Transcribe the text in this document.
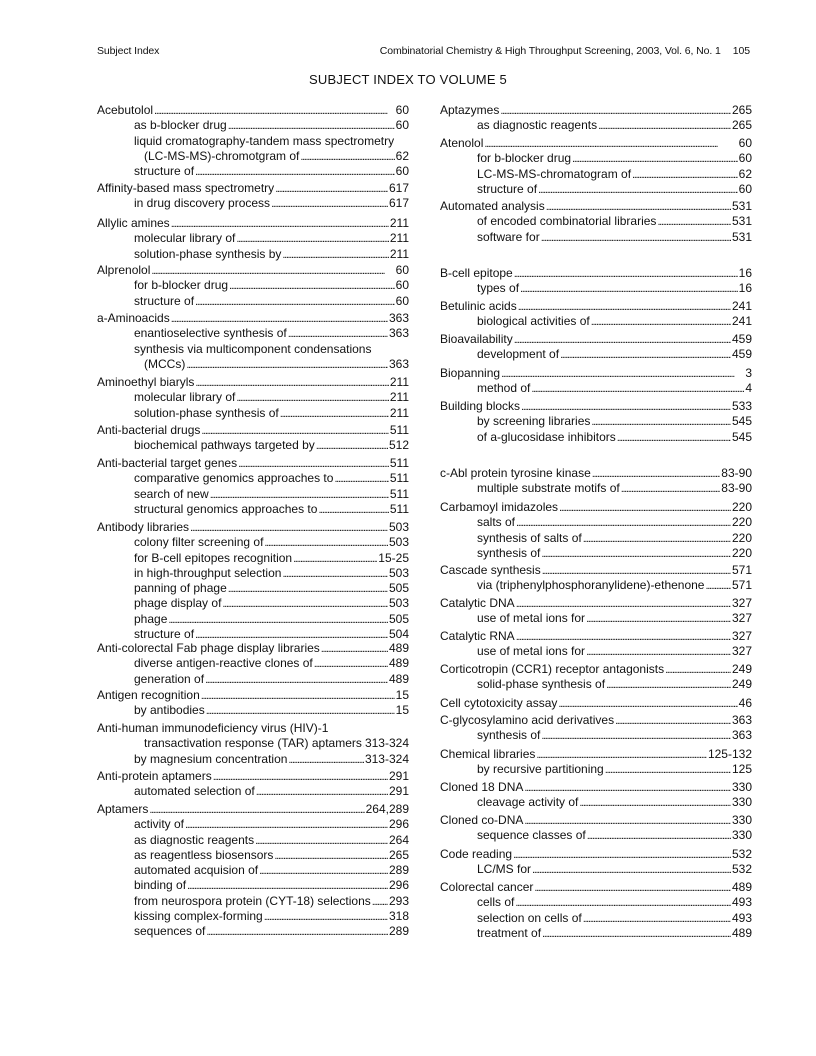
Subject Index	Combinatorial Chemistry & High Throughput Screening, 2003, Vol. 6, No. 1 105
SUBJECT INDEX TO VOLUME 5
Acebutolol . . .	60
as b-blocker drug . . .	60
liquid cromatography-tandem mass spectrometry
(LC-MS-MS)-chromotgram of . . .	62
structure of . . .	60
Affinity-based mass spectrometry . . .	617
in drug discovery process . . .	617
Allylic amines . . .	211
molecular library of . . .	211
solution-phase synthesis by . . .	211
Alprenolol . . .	60
for b-blocker drug . . .	60
structure of . . .	60
a-Aminoacids . . .	363
enantioselective synthesis of . . .	363
synthesis via multicomponent condensations
(MCCs) . . .	363
Aminoethyl biaryls . . .	211
molecular library of . . .	211
solution-phase synthesis of . . .	211
Anti-bacterial drugs . . .	511
biochemical pathways targeted by . . .	512
Anti-bacterial target genes . . .	511
comparative genomics approaches to . . .	511
search of new . . .	511
structural genomics approaches to . . .	511
Antibody libraries . . .	503
colony filter screening of . . .	503
for B-cell epitopes recognition . . .	15-25
in high-throughput selection . . .	503
panning of phage . . .	505
phage display of . . .	503
phage . . .	505
structure of . . .	504
Anti-colorectal Fab phage display libraries . . .	489
diverse antigen-reactive clones of . . .	489
generation of . . .	489
Antigen recognition . . .	15
by antibodies . . .	15
Anti-human immunodeficiency virus (HIV)-1
transactivation response (TAR) aptamers . . . 313-324
by magnesium concentration . . .	313-324
Anti-protein aptamers . . .	291
automated selection of . . .	291
Aptamers . . .	264,289
activity of . . .	296
as diagnostic reagents . . .	264
as reagentless biosensors . . .	265
automated acquision of . . .	289
binding of . . .	296
from neurospora protein (CYT-18) selections . . . 293
kissing complex-forming . . .	318
sequences of . . .	289
Aptazymes . . .	265
as diagnostic reagents . . .	265
Atenolol . . .	60
for b-blocker drug . . .	60
LC-MS-MS-chromatogram of . . .	62
structure of . . .	60
Automated analysis . . .	531
of encoded combinatorial libraries . . .	531
software for . . .	531
B-cell epitope . . .	16
types of . . .	16
Betulinic acids . . .	241
biological activities of . . .	241
Bioavailability . . .	459
development of . . .	459
Biopanning . . .	3
method of . . .	4
Building blocks . . .	533
by screening libraries . . .	545
of a-glucosidase inhibitors . . .	545
c-Abl protein tyrosine kinase . . .	83-90
multiple substrate motifs of . . .	83-90
Carbamoyl imidazoles . . .	220
salts of . . .	220
synthesis of salts of . . .	220
synthesis of . . .	220
Cascade synthesis . . .	571
via (triphenylphosphoranylidene)-ethenone . . . 571
Catalytic DNA . . .	327
use of metal ions for . . .	327
Catalytic RNA . . .	327
use of metal ions for . . .	327
Corticotropin (CCR1) receptor antagonists . . .	249
solid-phase synthesis of . . .	249
Cell cytotoxicity assay . . .	46
C-glycosylamino acid derivatives . . .	363
synthesis of . . .	363
Chemical libraries . . .	125-132
by recursive partitioning . . .	125
Cloned 18 DNA . . .	330
cleavage activity of . . .	330
Cloned co-DNA . . .	330
sequence classes of . . .	330
Code reading . . .	532
LC/MS for . . .	532
Colorectal cancer . . .	489
cells of . . .	493
selection on cells of . . .	493
treatment of . . .	489
